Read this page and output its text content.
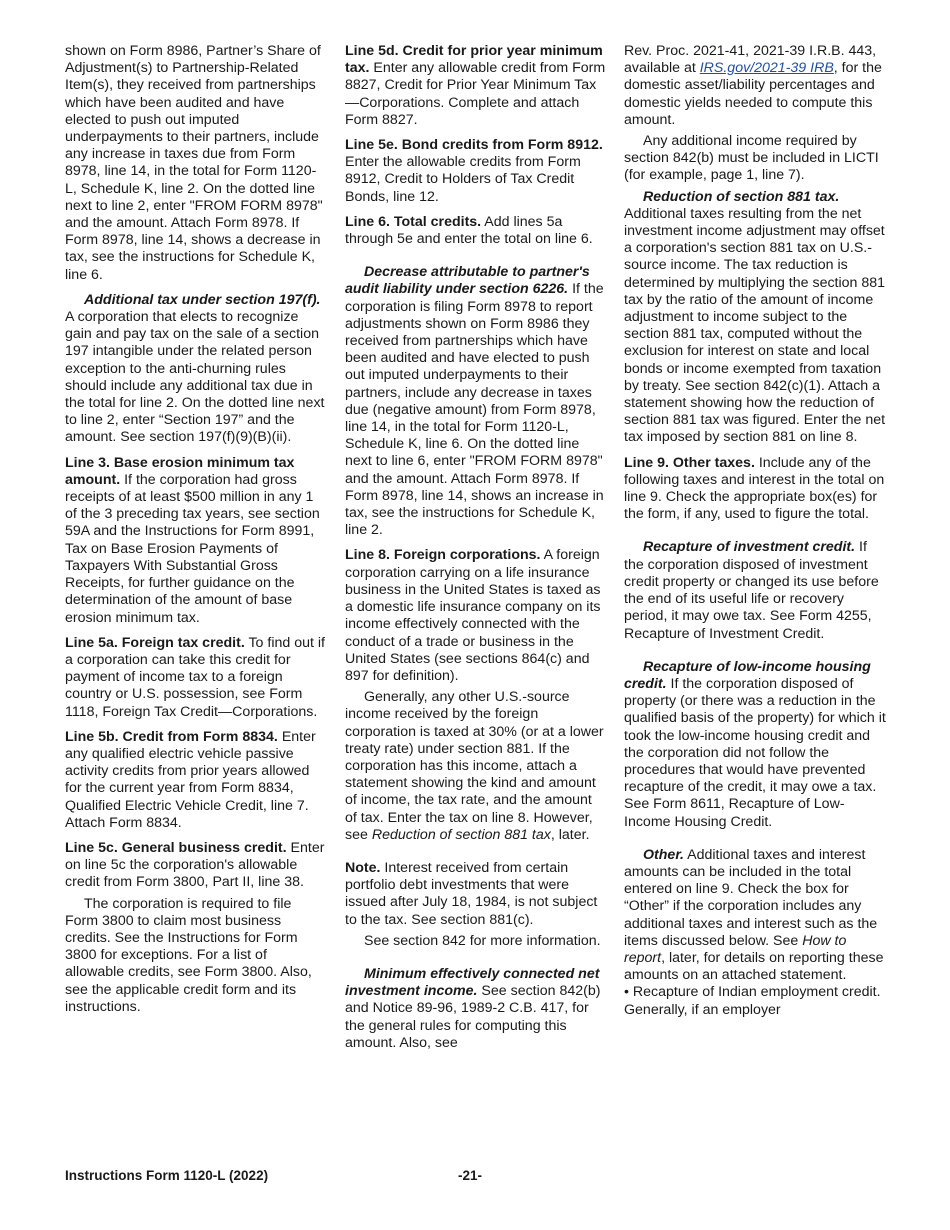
shown on Form 8986, Partner’s Share of Adjustment(s) to Partnership-Related Item(s), they received from partnerships which have been audited and have elected to push out imputed underpayments to their partners, include any increase in taxes due from Form 8978, line 14, in the total for Form 1120-L, Schedule K, line 2. On the dotted line next to line 2, enter "FROM FORM 8978" and the amount. Attach Form 8978. If Form 8978, line 14, shows a decrease in tax, see the instructions for Schedule K, line 6.

Additional tax under section 197(f). A corporation that elects to recognize gain and pay tax on the sale of a section 197 intangible under the related person exception to the anti-churning rules should include any additional tax due in the total for line 2. On the dotted line next to line 2, enter “Section 197” and the amount. See section 197(f)(9)(B)(ii).

Line 3. Base erosion minimum tax amount. If the corporation had gross receipts of at least $500 million in any 1 of the 3 preceding tax years, see section 59A and the Instructions for Form 8991, Tax on Base Erosion Payments of Taxpayers With Substantial Gross Receipts, for further guidance on the determination of the amount of base erosion minimum tax.

Line 5a. Foreign tax credit. To find out if a corporation can take this credit for payment of income tax to a foreign country or U.S. possession, see Form 1118, Foreign Tax Credit—Corporations.

Line 5b. Credit from Form 8834. Enter any qualified electric vehicle passive activity credits from prior years allowed for the current year from Form 8834, Qualified Electric Vehicle Credit, line 7. Attach Form 8834.

Line 5c. General business credit. Enter on line 5c the corporation's allowable credit from Form 3800, Part II, line 38.

The corporation is required to file Form 3800 to claim most business credits. See the Instructions for Form 3800 for exceptions. For a list of allowable credits, see Form 3800. Also, see the applicable credit form and its instructions.

Line 5d. Credit for prior year minimum tax. Enter any allowable credit from Form 8827, Credit for Prior Year Minimum Tax—Corporations. Complete and attach Form 8827.

Line 5e. Bond credits from Form 8912. Enter the allowable credits from Form 8912, Credit to Holders of Tax Credit Bonds, line 12.

Line 6. Total credits. Add lines 5a through 5e and enter the total on line 6.

Decrease attributable to partner's audit liability under section 6226. If the corporation is filing Form 8978 to report adjustments shown on Form 8986 they received from partnerships which have been audited and have elected to push out imputed underpayments to their partners, include any decrease in taxes due (negative amount) from Form 8978, line 14, in the total for Form 1120-L, Schedule K, line 6. On the dotted line next to line 6, enter "FROM FORM 8978" and the amount. Attach Form 8978. If Form 8978, line 14, shows an increase in tax, see the instructions for Schedule K, line 2.

Line 8. Foreign corporations. A foreign corporation carrying on a life insurance business in the United States is taxed as a domestic life insurance company on its income effectively connected with the conduct of a trade or business in the United States (see sections 864(c) and 897 for definition).

Generally, any other U.S.-source income received by the foreign corporation is taxed at 30% (or at a lower treaty rate) under section 881. If the corporation has this income, attach a statement showing the kind and amount of income, the tax rate, and the amount of tax. Enter the tax on line 8. However, see Reduction of section 881 tax, later.

Note. Interest received from certain portfolio debt investments that were issued after July 18, 1984, is not subject to the tax. See section 881(c).

See section 842 for more information.

Minimum effectively connected net investment income. See section 842(b) and Notice 89-96, 1989-2 C.B. 417, for the general rules for computing this amount. Also, see

Rev. Proc. 2021-41, 2021-39 I.R.B. 443, available at IRS.gov/2021-39 IRB, for the domestic asset/liability percentages and domestic yields needed to compute this amount.

Any additional income required by section 842(b) must be included in LICTI (for example, page 1, line 7).

Reduction of section 881 tax. Additional taxes resulting from the net investment income adjustment may offset a corporation's section 881 tax on U.S.-source income. The tax reduction is determined by multiplying the section 881 tax by the ratio of the amount of income adjustment to income subject to the section 881 tax, computed without the exclusion for interest on state and local bonds or income exempted from taxation by treaty. See section 842(c)(1). Attach a statement showing how the reduction of section 881 tax was figured. Enter the net tax imposed by section 881 on line 8.

Line 9. Other taxes. Include any of the following taxes and interest in the total on line 9. Check the appropriate box(es) for the form, if any, used to figure the total.

Recapture of investment credit. If the corporation disposed of investment credit property or changed its use before the end of its useful life or recovery period, it may owe tax. See Form 4255, Recapture of Investment Credit.

Recapture of low-income housing credit. If the corporation disposed of property (or there was a reduction in the qualified basis of the property) for which it took the low-income housing credit and the corporation did not follow the procedures that would have prevented recapture of the credit, it may owe a tax. See Form 8611, Recapture of Low-Income Housing Credit.

Other. Additional taxes and interest amounts can be included in the total entered on line 9. Check the box for “Other” if the corporation includes any additional taxes and interest such as the items discussed below. See How to report, later, for details on reporting these amounts on an attached statement.

• Recapture of Indian employment credit. Generally, if an employer

Instructions Form 1120-L (2022)	-21-
